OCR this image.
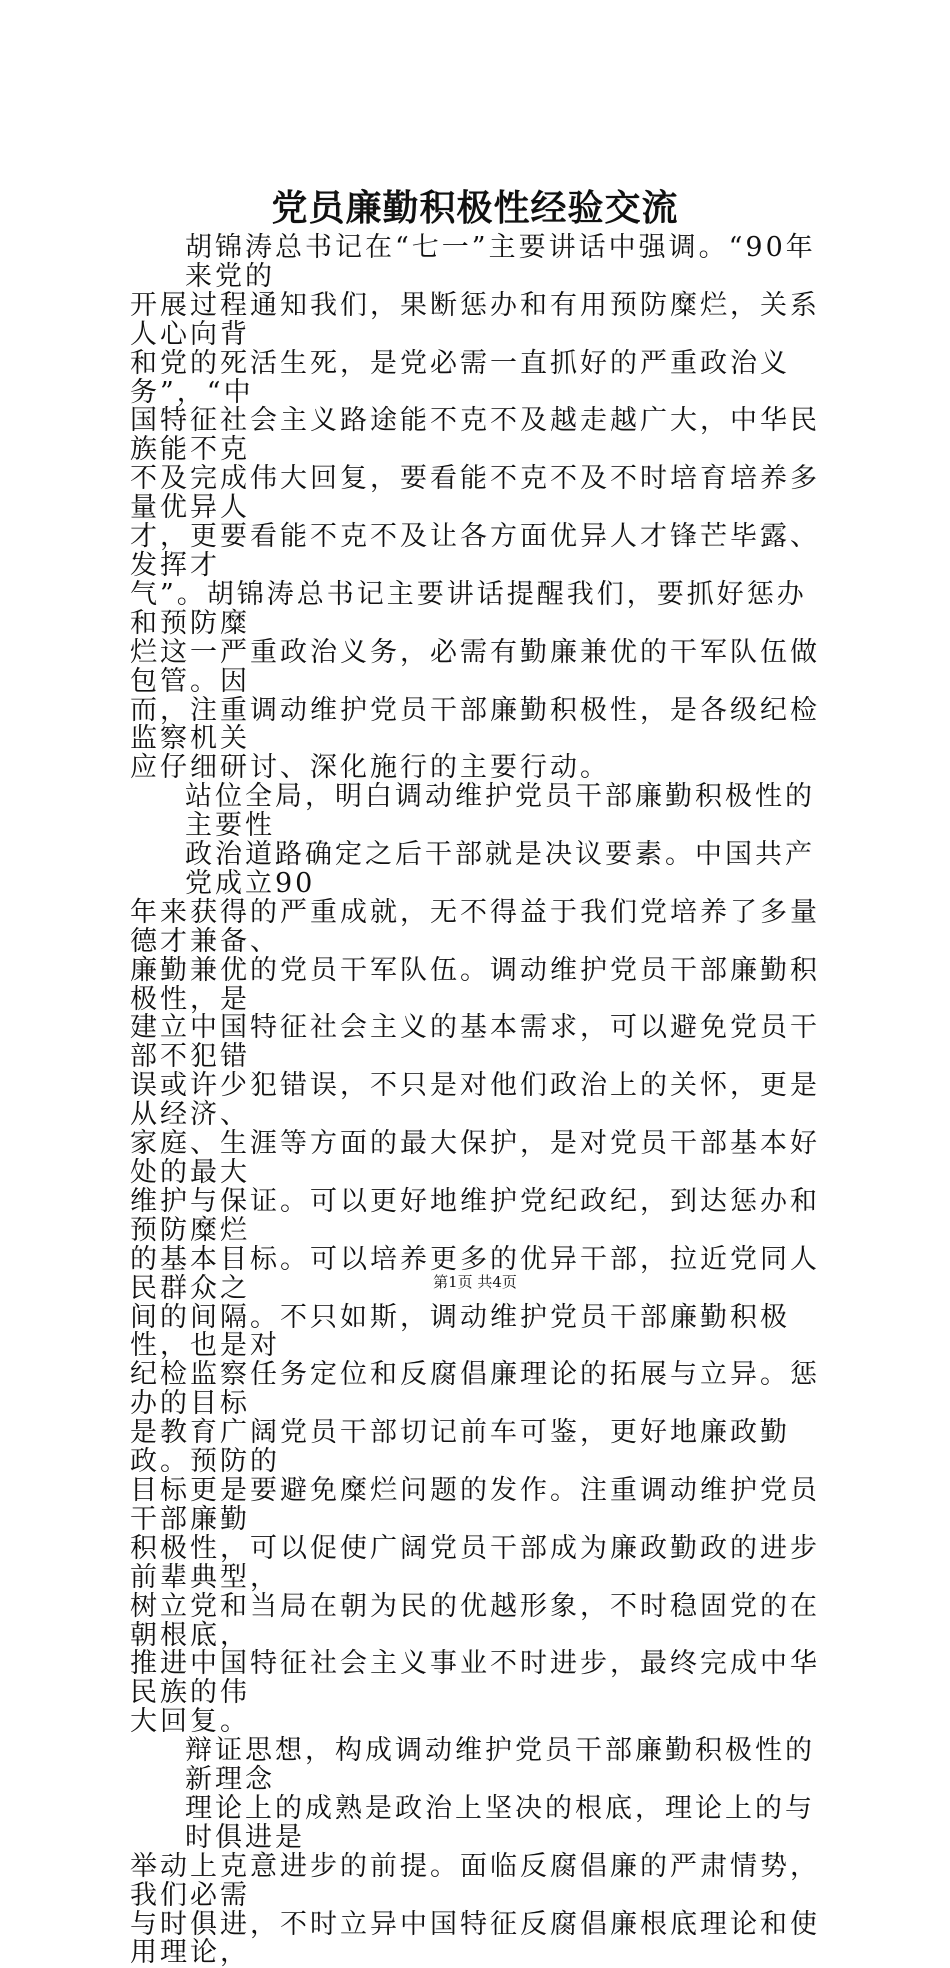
党员廉勤积极性经验交流
胡锦涛总书记在“七一”主要讲话中强调。“90年来党的
开展过程通知我们，果断惩办和有用预防糜烂，关系人心向背
和党的死活生死，是党必需一直抓好的严重政治义务”，“中
国特征社会主义路途能不克不及越走越广大，中华民族能不克
不及完成伟大回复，要看能不克不及不时培育培养多量优异人
才，更要看能不克不及让各方面优异人才锋芒毕露、发挥才
气”。胡锦涛总书记主要讲话提醒我们，要抓好惩办和预防糜
烂这一严重政治义务，必需有勤廉兼优的干军队伍做包管。因
而，注重调动维护党员干部廉勤积极性，是各级纪检监察机关
应仔细研讨、深化施行的主要行动。
站位全局，明白调动维护党员干部廉勤积极性的主要性
政治道路确定之后干部就是决议要素。中国共产党成立90
年来获得的严重成就，无不得益于我们党培养了多量德才兼备、
廉勤兼优的党员干军队伍。调动维护党员干部廉勤积极性，是
建立中国特征社会主义的基本需求，可以避免党员干部不犯错
误或许少犯错误，不只是对他们政治上的关怀，更是从经济、
家庭、生涯等方面的最大保护，是对党员干部基本好处的最大
维护与保证。可以更好地维护党纪政纪，到达惩办和预防糜烂
的基本目标。可以培养更多的优异干部，拉近党同人民群众之
间的间隔。不只如斯，调动维护党员干部廉勤积极性，也是对
纪检监察任务定位和反腐倡廉理论的拓展与立异。惩办的目标
是教育广阔党员干部切记前车可鉴，更好地廉政勤政。预防的
目标更是要避免糜烂问题的发作。注重调动维护党员干部廉勤
积极性，可以促使广阔党员干部成为廉政勤政的进步前辈典型，
树立党和当局在朝为民的优越形象，不时稳固党的在朝根底，
推进中国特征社会主义事业不时进步，最终完成中华民族的伟
大回复。
辩证思想，构成调动维护党员干部廉勤积极性的新理念
理论上的成熟是政治上坚决的根底，理论上的与时俱进是
举动上克意进步的前提。面临反腐倡廉的严肃情势，我们必需
与时俱进，不时立异中国特征反腐倡廉根底理论和使用理论，
第1页 共4页
